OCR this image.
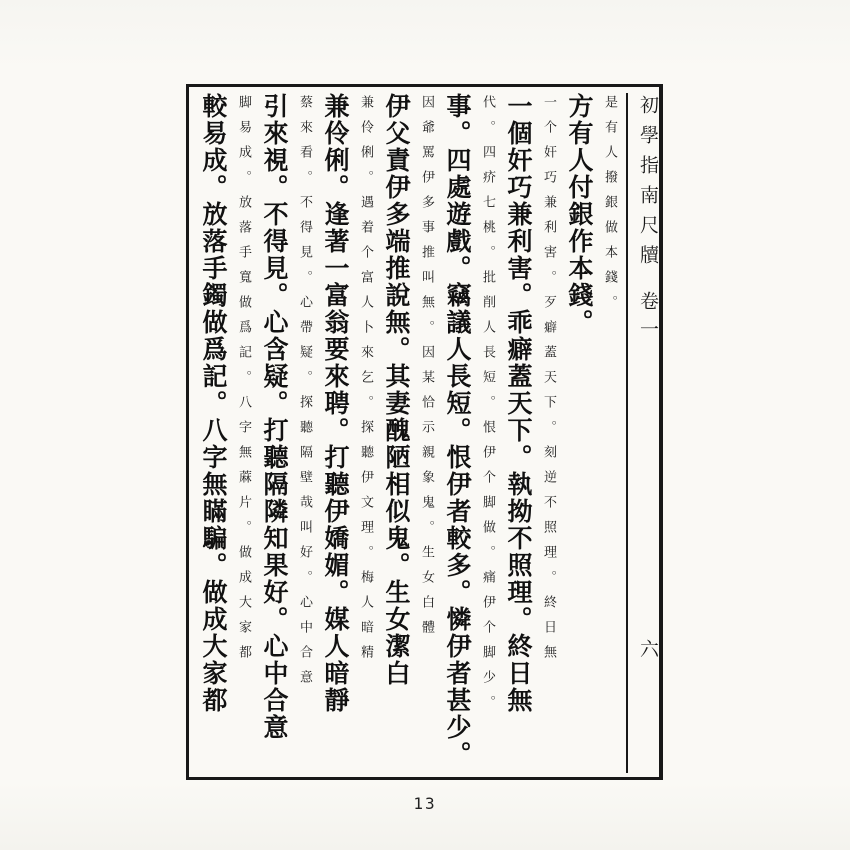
初學指南尺牘卷一六
是有人撥銀做本錢。
方有人付銀作本錢。
一个奸巧兼利害。歹癖蓋天下。刻逆不照理。終日無
一個奸巧兼利害。乖癖蓋天下。執拗不照理。終日無
代。四疥七桃。批削人長短。恨伊个脚做。痛伊个脚少。
事。四處遊戲。竊議人長短。恨伊者較多。憐伊者甚少。
因爺罵伊多事推叫無。因某恰示親象鬼。生女白體
伊父責伊多端推說無。其妻醜陋相似鬼。生女潔白
兼伶俐。遇着个富人卜來乞。探聽伊文理。梅人暗精
兼伶俐。逢著一富翁要來聘。打聽伊嬌媚。媒人暗靜
蔡來看。不得見。心帶疑。探聽隔壁哉叫好。心中合意
引來視。不得見。心含疑。打聽隔隣知果好。心中合意
脚易成。放落手寬做爲記。八字無蔴片。做成大家都
較易成。放落手鐲做爲記。八字無瞞騙。做成大家都
13
